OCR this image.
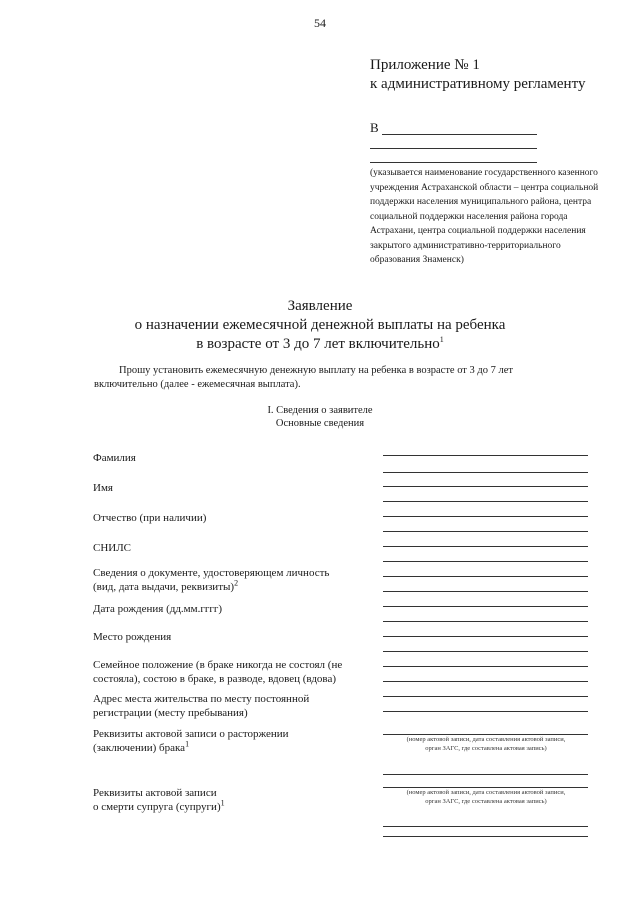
54
Приложение № 1
к административному регламенту
В
(указывается наименование государственного казенного учреждения Астраханской области – центра социальной поддержки населения муниципального района, центра социальной поддержки населения района города Астрахани, центра социальной поддержки населения закрытого административно-территориального образования Знаменск)
Заявление
о назначении ежемесячной денежной выплаты на ребенка
в возрасте от 3 до 7 лет включительно$^1$
Прошу установить ежемесячную денежную выплату на ребенка в возрасте от 3 до 7 лет
включительно (далее - ежемесячная выплата).
I. Сведения о заявителе
Основные сведения
Фамилия
Имя
Отчество (при наличии)
СНИЛС
Сведения о документе, удостоверяющем личность
(вид, дата выдачи, реквизиты)$^2$
Дата рождения (дд.мм.гггг)
Место рождения
Семейное положение (в браке никогда не состоял (не
состояла), состою в браке, в разводе, вдовец (вдова)
Адрес места жительства по месту постоянной
регистрации (месту пребывания)
Реквизиты актовой записи о расторжении
(заключении) брака$^1$
Реквизиты актовой записи
о смерти супруга (супруги)$^1$
(номер актовой записи, дата составления актовой записи,
орган ЗАГС, где составлена актовая запись)
(номер актовой записи, дата составления актовой записи,
орган ЗАГС, где составлена актовая запись)
